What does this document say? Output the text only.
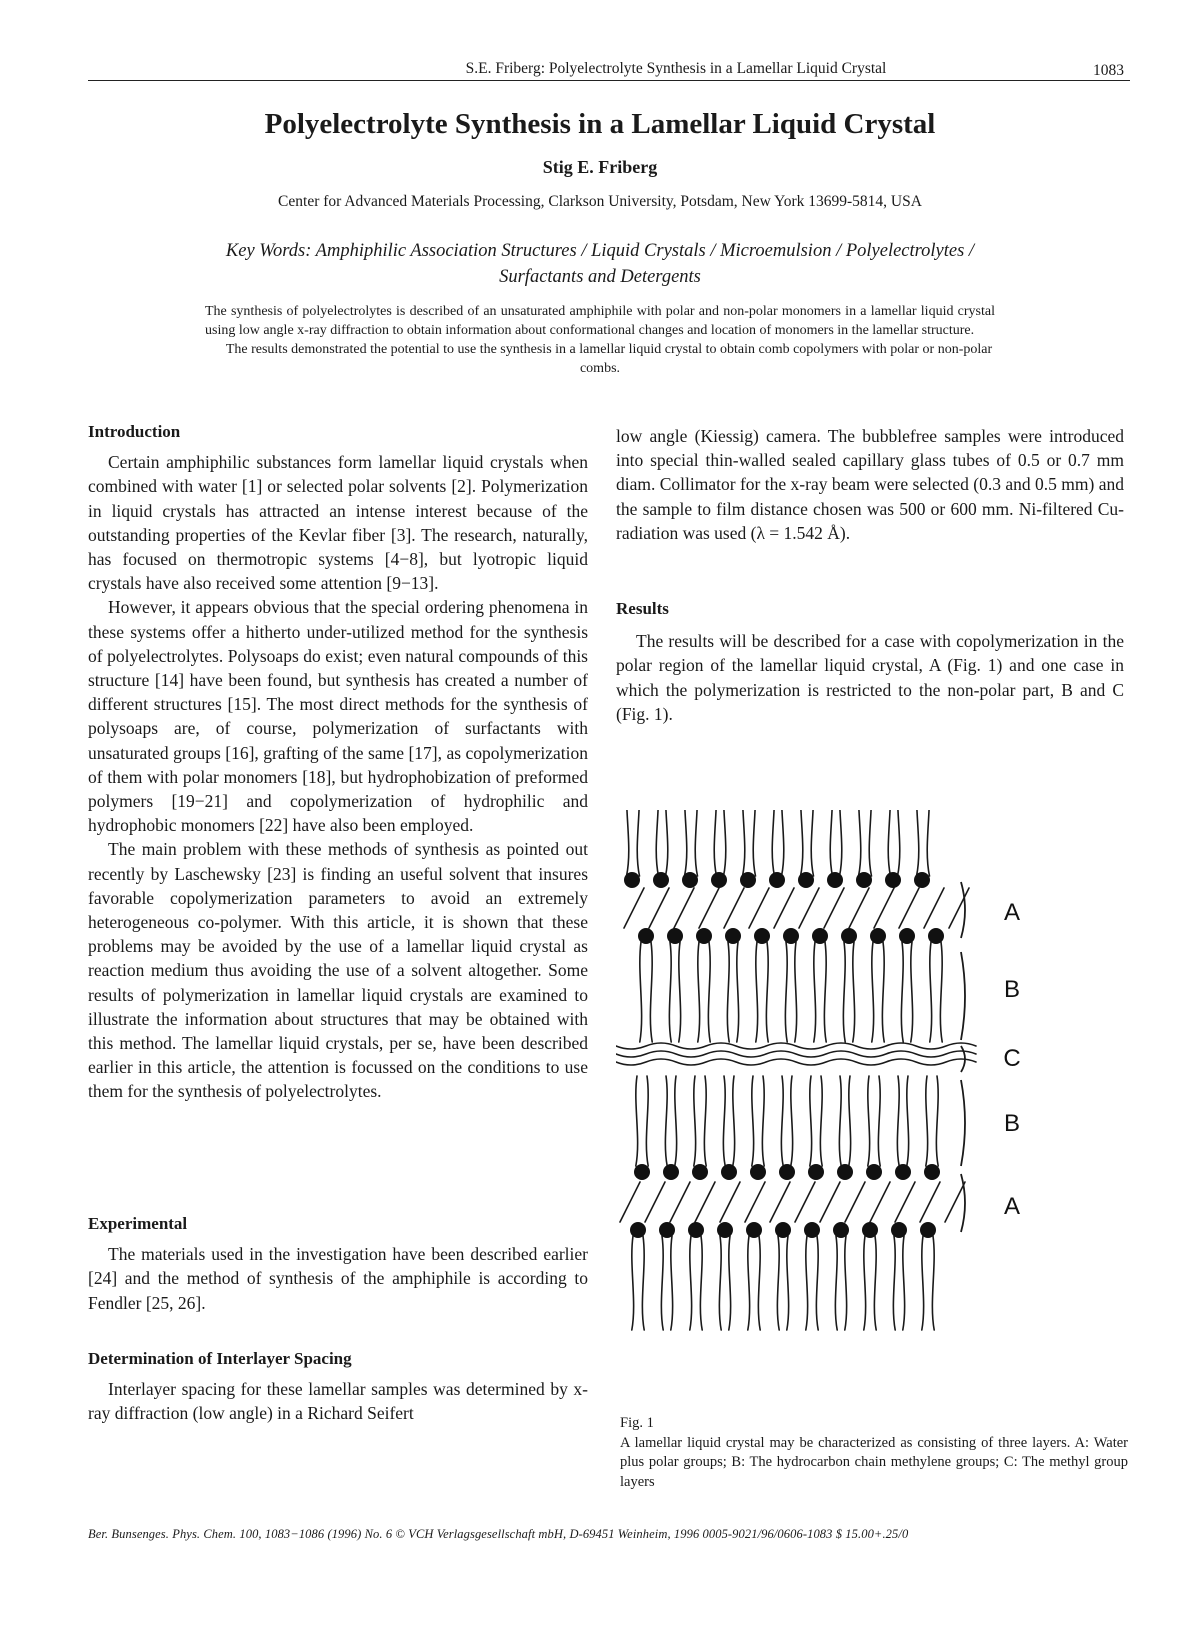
S.E. Friberg: Polyelectrolyte Synthesis in a Lamellar Liquid Crystal	1083
Polyelectrolyte Synthesis in a Lamellar Liquid Crystal
Stig E. Friberg
Center for Advanced Materials Processing, Clarkson University, Potsdam, New York 13699-5814, USA
Key Words: Amphiphilic Association Structures / Liquid Crystals / Microemulsion / Polyelectrolytes /
Surfactants and Detergents

The synthesis of polyelectrolytes is described of an unsaturated amphiphile with polar and non-polar monomers in a lamellar liquid crystal using low angle x-ray diffraction to obtain information about conformational changes and location of monomers in the lamellar structure.

The results demonstrated the potential to use the synthesis in a lamellar liquid crystal to obtain comb copolymers with polar or non-polar combs.

Introduction

Certain amphiphilic substances form lamellar liquid crystals when combined with water [1] or selected polar solvents [2]. Polymerization in liquid crystals has attracted an intense interest because of the outstanding properties of the Kevlar fiber [3]. The research, naturally, has focused on thermotropic systems [4−8], but lyotropic liquid crystals have also received some attention [9−13].

However, it appears obvious that the special ordering phenomena in these systems offer a hitherto under-utilized method for the synthesis of polyelectrolytes. Polysoaps do exist; even natural compounds of this structure [14] have been found, but synthesis has created a number of different structures [15]. The most direct methods for the synthesis of polysoaps are, of course, polymerization of surfactants with unsaturated groups [16], grafting of the same [17], as copolymerization of them with polar monomers [18], but hydrophobization of preformed polymers [19−21] and copolymerization of hydrophilic and hydrophobic monomers [22] have also been employed.

The main problem with these methods of synthesis as pointed out recently by Laschewsky [23] is finding an useful solvent that insures favorable copolymerization parameters to avoid an extremely heterogeneous co-polymer. With this article, it is shown that these problems may be avoided by the use of a lamellar liquid crystal as reaction medium thus avoiding the use of a solvent altogether. Some results of polymerization in lamellar liquid crystals are examined to illustrate the information about structures that may be obtained with this method. The lamellar liquid crystals, per se, have been described earlier in this article, the attention is focussed on the conditions to use them for the synthesis of polyelectrolytes.

Experimental

The materials used in the investigation have been described earlier [24] and the method of synthesis of the amphiphile is according to Fendler [25, 26].

Determination of Interlayer Spacing

Interlayer spacing for these lamellar samples was determined by x-ray diffraction (low angle) in a Richard Seifert

low angle (Kiessig) camera. The bubblefree samples were introduced into special thin-walled sealed capillary glass tubes of 0.5 or 0.7 mm diam. Collimator for the x-ray beam were selected (0.3 and 0.5 mm) and the sample to film distance chosen was 500 or 600 mm. Ni-filtered Cu-radiation was used (λ = 1.542 Å).

Results

The results will be described for a case with copolymerization in the polar region of the lamellar liquid crystal, A (Fig. 1) and one case in which the polymerization is restricted to the non-polar part, B and C (Fig. 1).

A
B
C
B
A
Fig. 1
A lamellar liquid crystal may be characterized as consisting of three layers. A: Water plus polar groups; B: The hydrocarbon chain methylene groups; C: The methyl group layers
Ber. Bunsenges. Phys. Chem. 100, 1083−1086 (1996) No. 6 © VCH Verlagsgesellschaft mbH, D-69451 Weinheim, 1996 0005-9021/96/0606-1083 $ 15.00+.25/0
